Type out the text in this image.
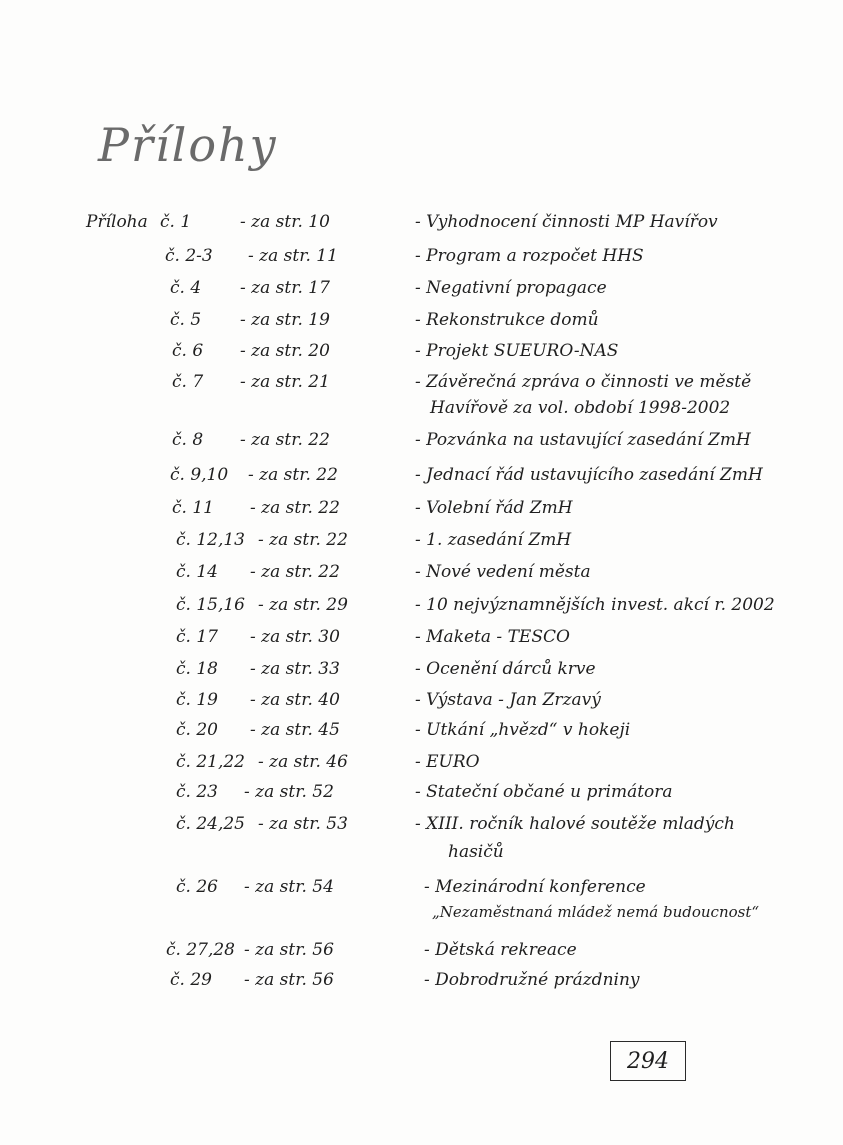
Přílohy
Příloha č. 1	- za str. 10	- Vyhodnocení činnosti MP Havířov
č. 2-3 - za str. 11	- Program a rozpočet HHS
č. 4 - za str. 17	- Negativní propagace
č. 5 - za str. 19	- Rekonstrukce domů
č. 6 - za str. 20	- Projekt SUEURO-NAS
č. 7 - za str. 21	- Závěrečná zpráva o činnosti ve městě
Havířově za vol. období 1998-2002
č. 8 - za str. 22	- Pozvánka na ustavující zasedání ZmH
č. 9,10 - za str. 22	- Jednací řád ustavujícího zasedání ZmH
č. 11 - za str. 22	- Volební řád ZmH
č. 12,13 - za str. 22	- 1. zasedání ZmH
č. 14 - za str. 22	- Nové vedení města
č. 15,16 - za str. 29	- 10 nejvýznamnějších invest. akcí r. 2002
č. 17 - za str. 30	- Maketa - TESCO
č. 18 - za str. 33	- Ocenění dárců krve
č. 19 - za str. 40	- Výstava - Jan Zrzavý
č. 20 - za str. 45	- Utkání „hvězd“ v hokeji
č. 21,22 - za str. 46	- EURO
č. 23 - za str. 52	- Stateční občané u primátora
č. 24,25 - za str. 53	- XIII. ročník halové soutěže mladých
hasičů
č. 26 - za str. 54	- Mezinárodní konference
„Nezaměstnaná mládež nemá budoucnost“
č. 27,28 - za str. 56	- Dětská rekreace
č. 29 - za str. 56	- Dobrodružné prázdniny
294
